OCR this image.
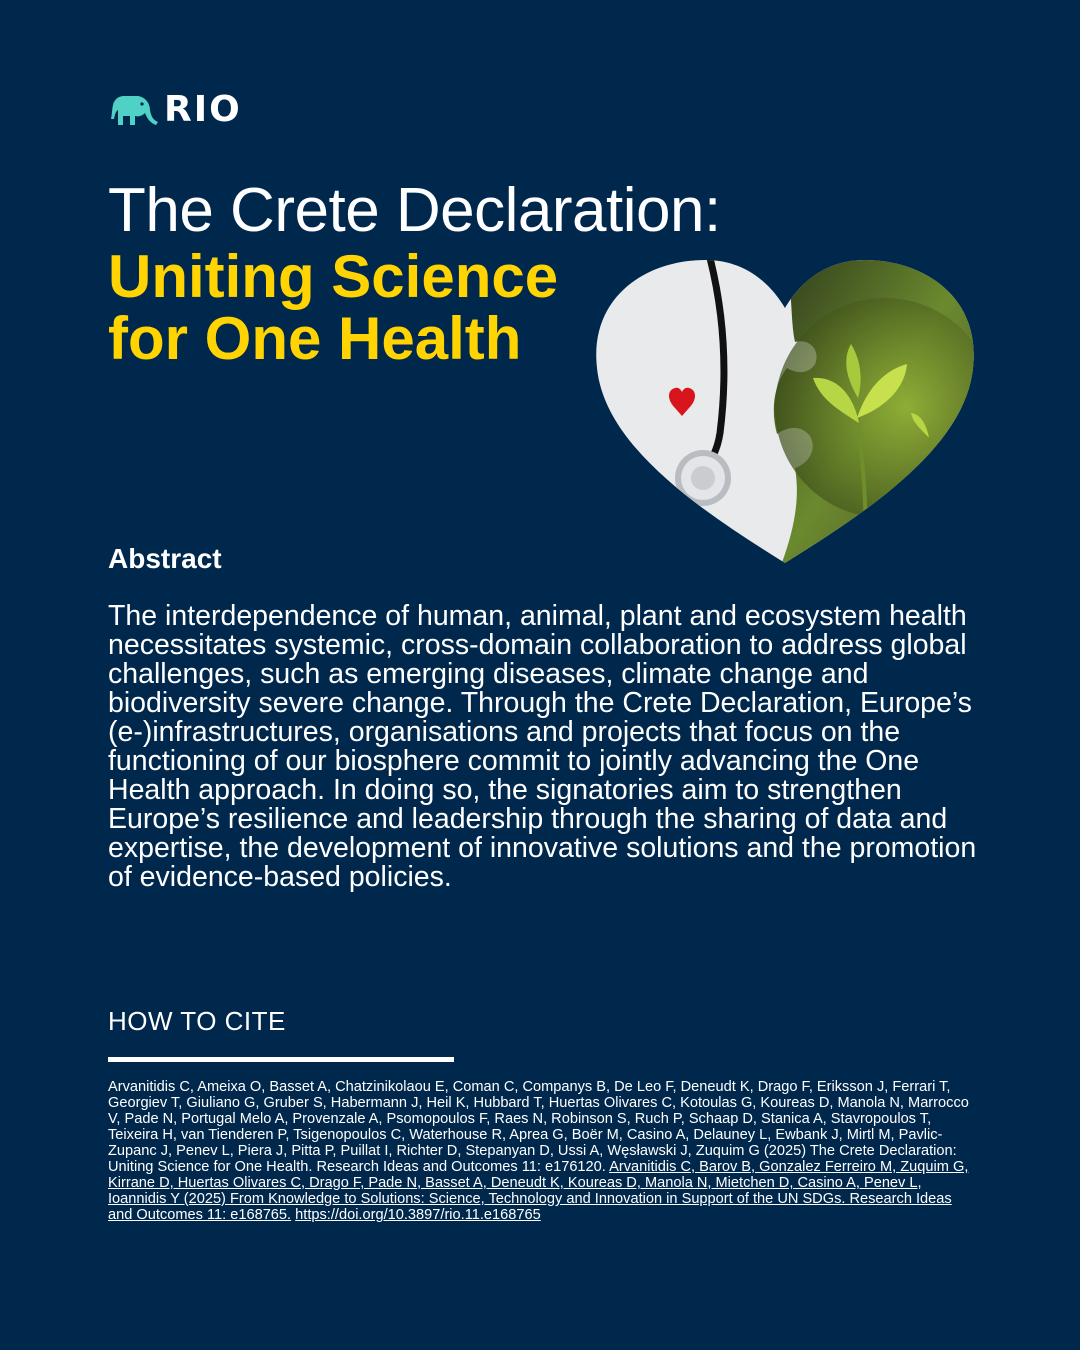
RIO
The Crete Declaration:
Uniting Science
for One Health
Abstract
The interdependence of human, animal, plant and ecosystem health necessitates systemic, cross-domain collaboration to address global challenges, such as emerging diseases, climate change and biodiversity severe change. Through the Crete Declaration, Europe’s (e-)infrastructures, organisations and projects that focus on the functioning of our biosphere commit to jointly advancing the One Health approach. In doing so, the signatories aim to strengthen Europe’s resilience and leadership through the sharing of data and expertise, the development of innovative solutions and the promotion of evidence-based policies.
HOW TO CITE
Arvanitidis C, Ameixa O, Basset A, Chatzinikolaou E, Coman C, Companys B, De Leo F, Deneudt K, Drago F, Eriksson J, Ferrari T, Georgiev T, Giuliano G, Gruber S, Habermann J, Heil K, Hubbard T, Huertas Olivares C, Kotoulas G, Koureas D, Manola N, Marrocco V, Pade N, Portugal Melo A, Provenzale A, Psomopoulos F, Raes N, Robinson S, Ruch P, Schaap D, Stanica A, Stavropoulos T, Teixeira H, van Tienderen P, Tsigenopoulos C, Waterhouse R, Aprea G, Boër M, Casino A, Delauney L, Ewbank J, Mirtl M, Pavlic-Zupanc J, Penev L, Piera J, Pitta P, Puillat I, Richter D, Stepanyan D, Ussi A, Węsławski J, Zuquim G (2025) The Crete Declaration: Uniting Science for One Health. Research Ideas and Outcomes 11: e176120. Arvanitidis C, Barov B, Gonzalez Ferreiro M, Zuquim G, Kirrane D, Huertas Olivares C, Drago F, Pade N, Basset A, Deneudt K, Koureas D, Manola N, Mietchen D, Casino A, Penev L, Ioannidis Y (2025) From Knowledge to Solutions: Science, Technology and Innovation in Support of the UN SDGs. Research Ideas and Outcomes 11: e168765. https://doi.org/10.3897/rio.11.e168765
